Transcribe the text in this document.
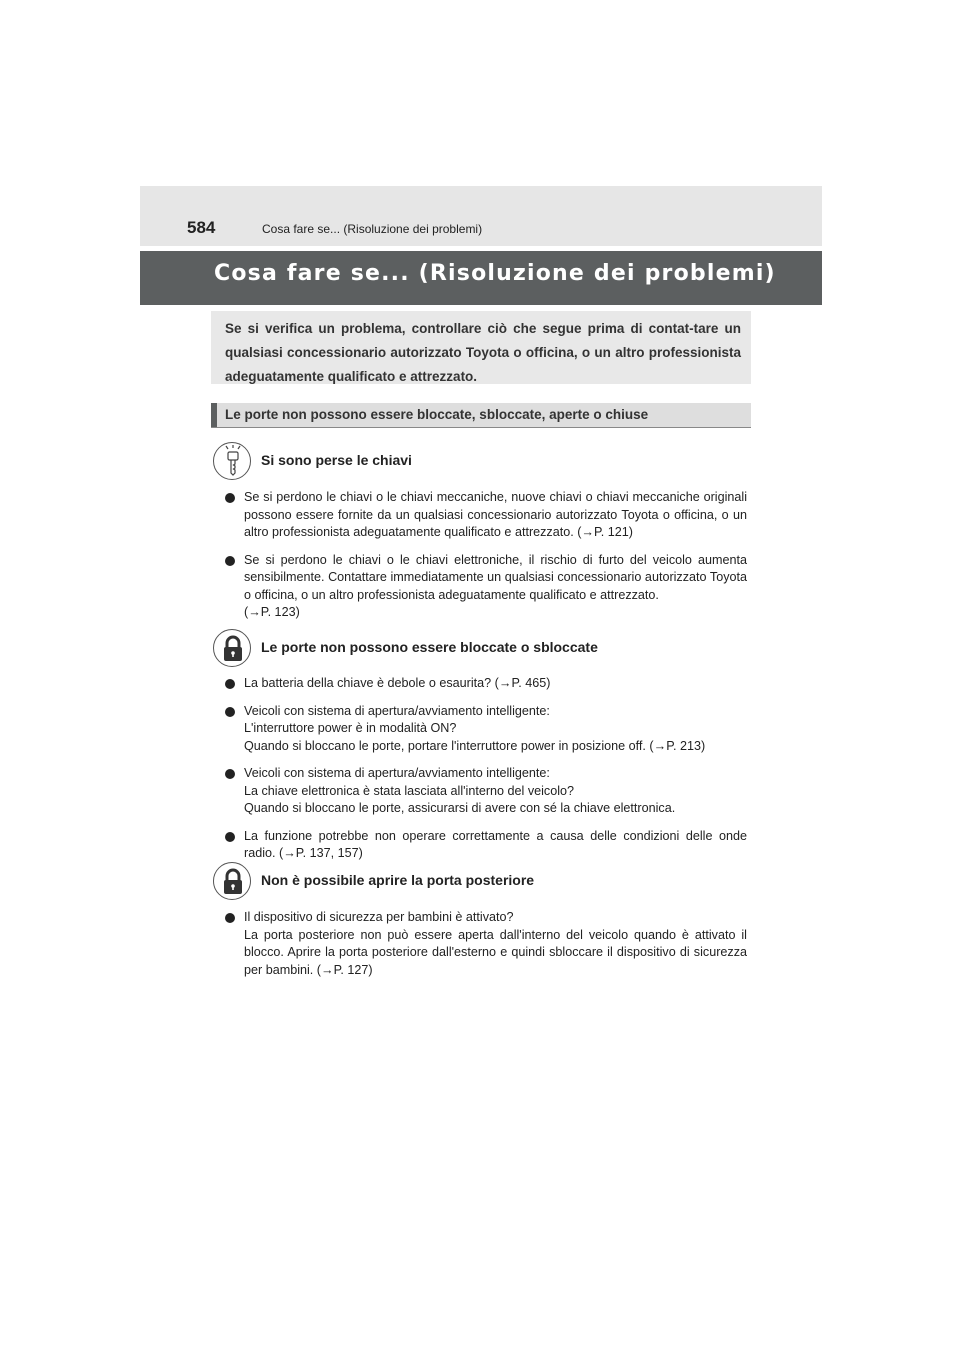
584	Cosa fare se... (Risoluzione dei problemi)
Cosa fare se... (Risoluzione dei problemi)
Se si verifica un problema, controllare ciò che segue prima di contat-tare un qualsiasi concessionario autorizzato Toyota o officina, o un altro professionista adeguatamente qualificato e attrezzato.
Le porte non possono essere bloccate, sbloccate, aperte o chiuse
Si sono perse le chiavi
Se si perdono le chiavi o le chiavi meccaniche, nuove chiavi o chiavi meccaniche originali possono essere fornite da un qualsiasi concessionario autorizzato Toyota o officina, o un altro professionista adeguatamente qualificato e attrezzato. (→P. 121)
Se si perdono le chiavi o le chiavi elettroniche, il rischio di furto del veicolo aumenta sensibilmente. Contattare immediatamente un qualsiasi concessionario autorizzato Toyota o officina, o un altro professionista adeguatamente qualificato e attrezzato.
(→P. 123)
Le porte non possono essere bloccate o sbloccate
La batteria della chiave è debole o esaurita? (→P. 465)
Veicoli con sistema di apertura/avviamento intelligente:
L'interruttore power è in modalità ON?
Quando si bloccano le porte, portare l'interruttore power in posizione off. (→P. 213)
Veicoli con sistema di apertura/avviamento intelligente:
La chiave elettronica è stata lasciata all'interno del veicolo?
Quando si bloccano le porte, assicurarsi di avere con sé la chiave elettronica.
La funzione potrebbe non operare correttamente a causa delle condizioni delle onde radio. (→P. 137, 157)
Non è possibile aprire la porta posteriore
Il dispositivo di sicurezza per bambini è attivato?
La porta posteriore non può essere aperta dall'interno del veicolo quando è attivato il blocco. Aprire la porta posteriore dall'esterno e quindi sbloccare il dispositivo di sicurezza per bambini. (→P. 127)
